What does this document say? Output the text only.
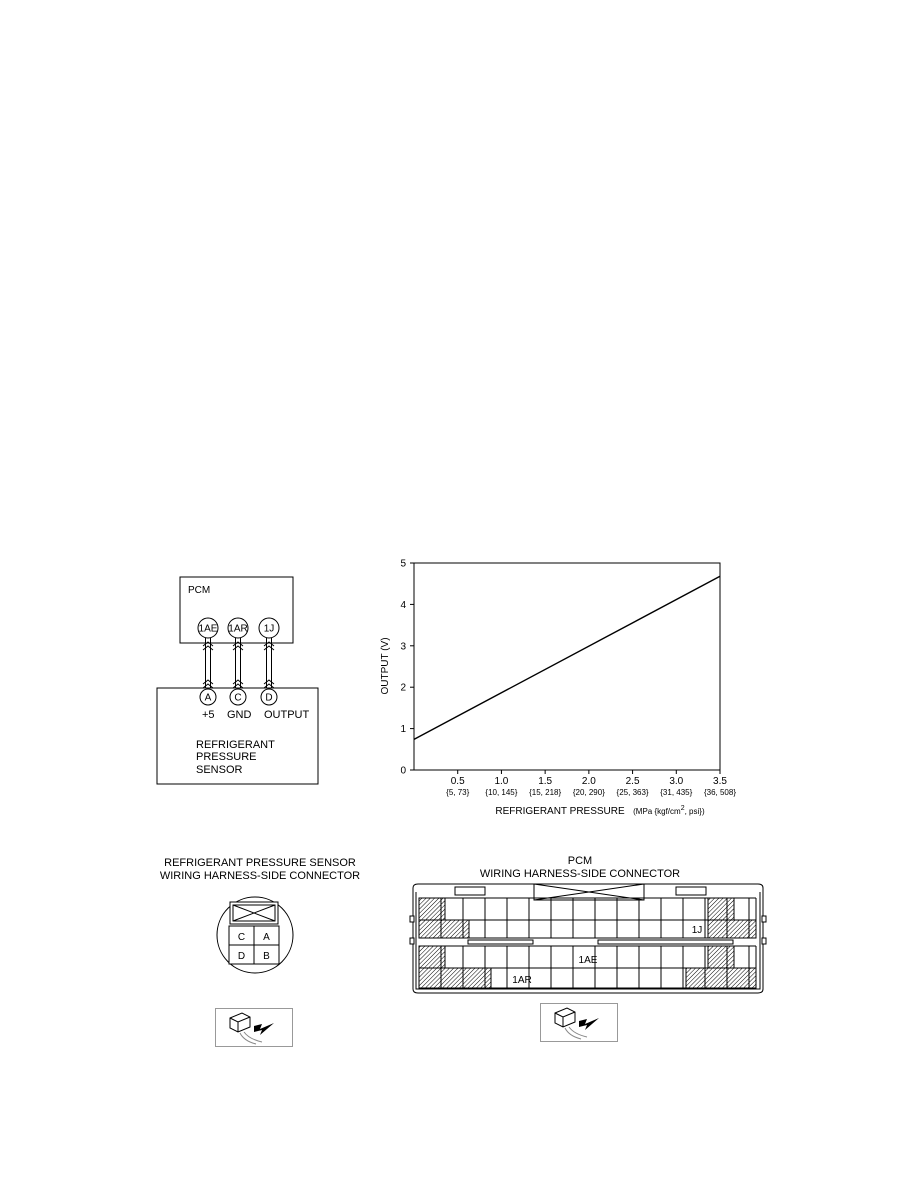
PCM
1AE 1AR 1J
A C D
+5 GND OUTPUT
REFRIGERANT
PRESSURE
SENSOR	0
1
2
3
4
5
0.5
{5, 73}
1.0
{10, 145}
1.5
{15, 218}
2.0
{20, 290}
2.5
{25, 363}
3.0
{31, 435}
3.5
{36, 508}
OUTPUT (V)
REFRIGERANT PRESSURE (MPa {$kgf/cm^2_{, psi\})}$
REFRIGERANT PRESSURE SENSOR
WIRING HARNESS-SIDE CONNECTOR
C A
D B
PCM
WIRING HARNESS-SIDE CONNECTOR
1J
1AE
1AR
